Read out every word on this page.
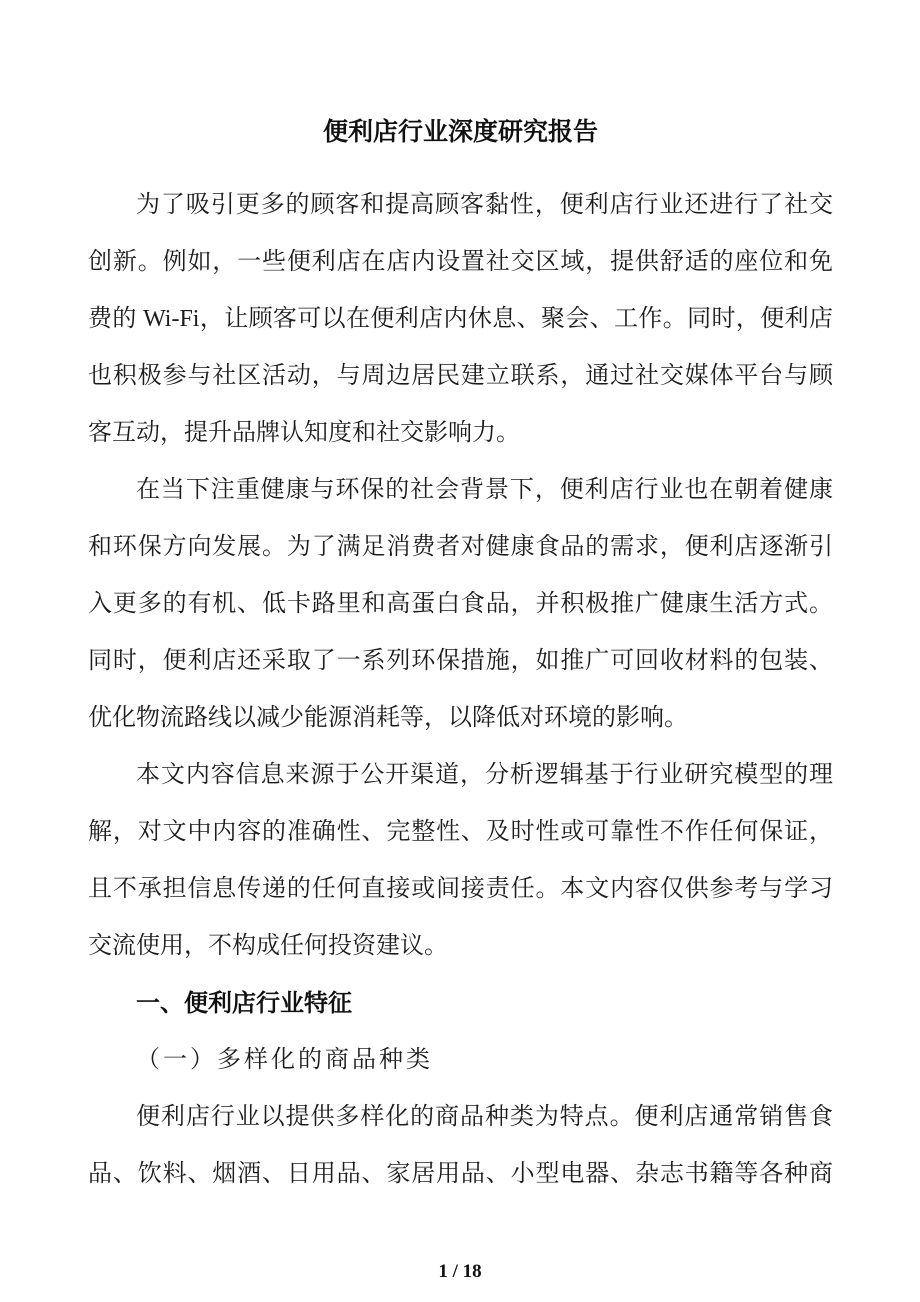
便利店行业深度研究报告
为了吸引更多的顾客和提高顾客黏性，便利店行业还进行了社交
创新。例如，一些便利店在店内设置社交区域，提供舒适的座位和免
费的 Wi-Fi，让顾客可以在便利店内休息、聚会、工作。同时，便利店
也积极参与社区活动，与周边居民建立联系，通过社交媒体平台与顾
客互动，提升品牌认知度和社交影响力。
在当下注重健康与环保的社会背景下，便利店行业也在朝着健康
和环保方向发展。为了满足消费者对健康食品的需求，便利店逐渐引
入更多的有机、低卡路里和高蛋白食品，并积极推广健康生活方式。
同时，便利店还采取了一系列环保措施，如推广可回收材料的包装、
优化物流路线以减少能源消耗等，以降低对环境的影响。
本文内容信息来源于公开渠道，分析逻辑基于行业研究模型的理
解，对文中内容的准确性、完整性、及时性或可靠性不作任何保证，
且不承担信息传递的任何直接或间接责任。本文内容仅供参考与学习
交流使用，不构成任何投资建议。
一、便利店行业特征
（一）多样化的商品种类
便利店行业以提供多样化的商品种类为特点。便利店通常销售食
品、饮料、烟酒、日用品、家居用品、小型电器、杂志书籍等各种商
1 / 18
